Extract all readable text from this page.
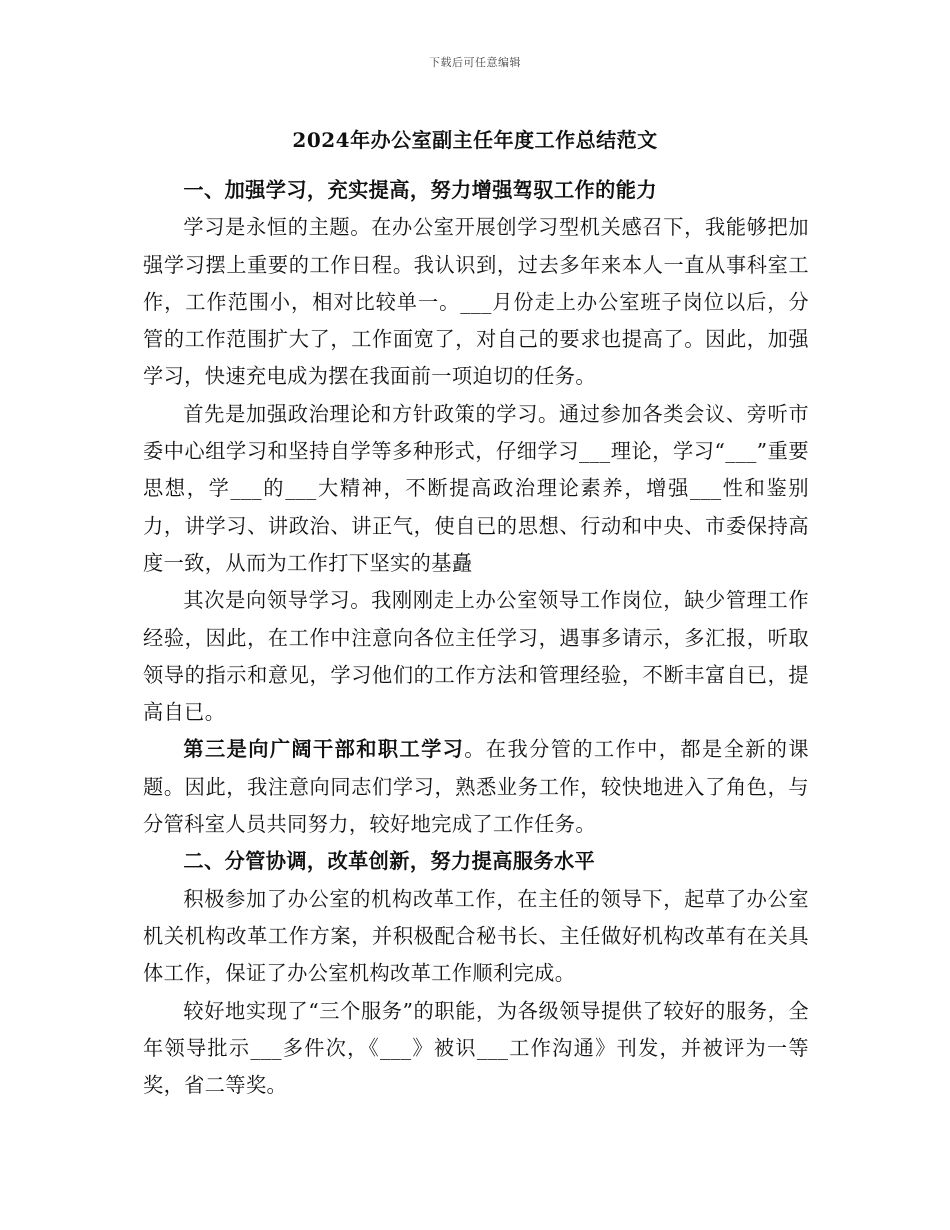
下载后可任意编辑
2024年办公室副主任年度工作总结范文

一、加强学习，充实提高，努力增强驾驭工作的能力

学习是永恒的主题。在办公室开展创学习型机关感召下，我能够把加强学习摆上重要的工作日程。我认识到，过去多年来本人一直从事科室工作，工作范围小，相对比较单一。___月份走上办公室班子岗位以后，分管的工作范围扩大了，工作面宽了，对自己的要求也提高了。因此，加强学习，快速充电成为摆在我面前一项迫切的任务。

首先是加强政治理论和方针政策的学习。通过参加各类会议、旁听市委中心组学习和坚持自学等多种形式，仔细学习___理论，学习“___”重要思想，学___的___大精神，不断提高政治理论素养，增强___性和鉴别力，讲学习、讲政治、讲正气，使自已的思想、行动和中央、市委保持高度一致，从而为工作打下坚实的基矗

其次是向领导学习。我刚刚走上办公室领导工作岗位，缺少管理工作经验，因此，在工作中注意向各位主任学习，遇事多请示，多汇报，听取领导的指示和意见，学习他们的工作方法和管理经验，不断丰富自已，提高自已。

第三是向广阔干部和职工学习。在我分管的工作中，都是全新的课题。因此，我注意向同志们学习，熟悉业务工作，较快地进入了角色，与分管科室人员共同努力，较好地完成了工作任务。

二、分管协调，改革创新，努力提高服务水平

积极参加了办公室的机构改革工作，在主任的领导下，起草了办公室机关机构改革工作方案，并积极配合秘书长、主任做好机构改革有在关具体工作，保证了办公室机构改革工作顺利完成。

较好地实现了“三个服务”的职能，为各级领导提供了较好的服务，全年领导批示___多件次，《___》被识___工作沟通》刊发，并被评为一等奖，省二等奖。
